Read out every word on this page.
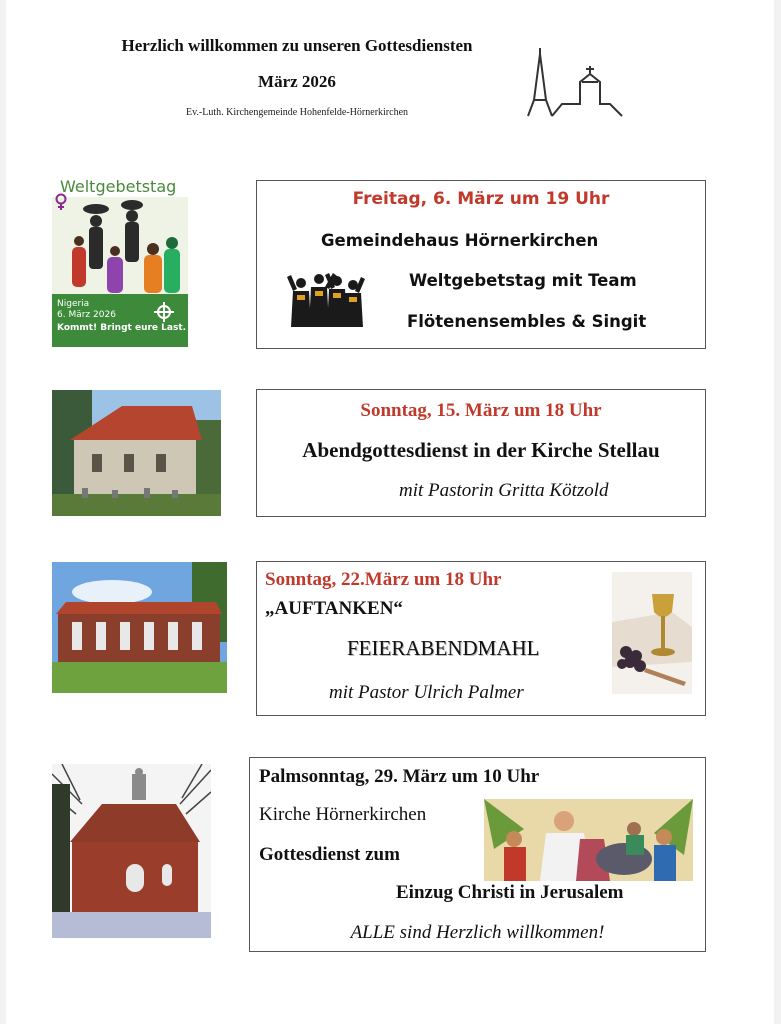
Herzlich willkommen zu unseren Gottesdiensten
März 2026
Ev.-Luth. Kirchengemeinde Hohenfelde-Hörnerkirchen
Weltgebetstag
Nigeria
6. März 2026
Kommt! Bringt eure Last.
Freitag, 6. März um 19 Uhr
Gemeindehaus Hörnerkirchen
Weltgebetstag mit Team
Flötenensembles & Singit
Sonntag, 15. März um 18 Uhr
Abendgottesdienst in der Kirche Stellau
mit Pastorin Gritta Kötzold
Sonntag, 22.März um 18 Uhr
„AUFTANKEN“
FEIERABENDMAHL
mit Pastor Ulrich Palmer
Palmsonntag, 29. März um 10 Uhr
Kirche Hörnerkirchen
Gottesdienst zum
Einzug Christi in Jerusalem
ALLE sind Herzlich willkommen!
